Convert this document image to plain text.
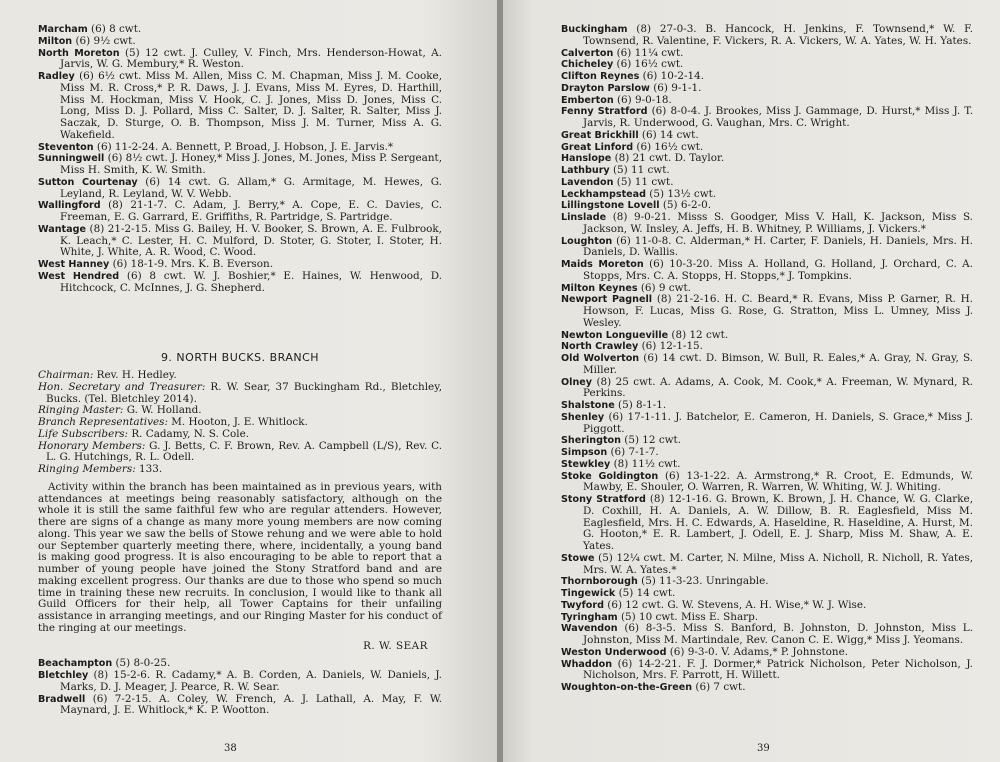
Marcham (6) 8 cwt.

Milton (6) 9½ cwt.

North Moreton (5) 12 cwt. J. Culley, V. Finch, Mrs. Henderson-Howat, A. Jarvis, W. G. Membury,* R. Weston.

Radley (6) 6½ cwt. Miss M. Allen, Miss C. M. Chapman, Miss J. M. Cooke, Miss M. R. Cross,* P. R. Daws, J. J. Evans, Miss M. Eyres, D. Harthill, Miss M. Hockman, Miss V. Hook, C. J. Jones, Miss D. Jones, Miss C. Long, Miss D. J. Pollard, Miss C. Salter, D. J. Salter, R. Salter, Miss J. Saczak, D. Sturge, O. B. Thompson, Miss J. M. Turner, Miss A. G. Wakefield.

Steventon (6) 11-2-24. A. Bennett, P. Broad, J. Hobson, J. E. Jarvis.*

Sunningwell (6) 8½ cwt. J. Honey,* Miss J. Jones, M. Jones, Miss P. Sergeant, Miss H. Smith, K. W. Smith.

Sutton Courtenay (6) 14 cwt. G. Allam,* G. Armitage, M. Hewes, G. Leyland, R. Leyland, W. V. Webb.

Wallingford (8) 21-1-7. C. Adam, J. Berry,* A. Cope, E. C. Davies, C. Freeman, E. G. Garrard, E. Griffiths, R. Partridge, S. Partridge.

Wantage (8) 21-2-15. Miss G. Bailey, H. V. Booker, S. Brown, A. E. Fulbrook, K. Leach,* C. Lester, H. C. Mulford, D. Stoter, G. Stoter, I. Stoter, H. White, J. White, A. R. Wood, C. Wood.

West Hanney (6) 18-1-9. Mrs. K. B. Everson.

West Hendred (6) 8 cwt. W. J. Boshier,* E. Haines, W. Henwood, D. Hitchcock, C. McInnes, J. G. Shepherd.

9. NORTH BUCKS. BRANCH

Chairman: Rev. H. Hedley.

Hon. Secretary and Treasurer: R. W. Sear, 37 Buckingham Rd., Bletchley, Bucks. (Tel. Bletchley 2014).

Ringing Master: G. W. Holland.

Branch Representatives: M. Hooton, J. E. Whitlock.

Life Subscribers: R. Cadamy, N. S. Cole.

Honorary Members: G. J. Betts, C. F. Brown, Rev. A. Campbell (L/S), Rev. C. L. G. Hutchings, R. L. Odell.

Ringing Members: 133.

Activity within the branch has been maintained as in previous years, with attendances at meetings being reasonably satisfactory, although on the whole it is still the same faithful few who are regular attenders. However, there are signs of a change as many more young members are now coming along. This year we saw the bells of Stowe rehung and we were able to hold our September quarterly meeting there, where, incidentally, a young band is making good progress. It is also encouraging to be able to report that a number of young people have joined the Stony Stratford band and are making excellent progress. Our thanks are due to those who spend so much time in training these new recruits. In conclusion, I would like to thank all Guild Officers for their help, all Tower Captains for their unfailing assistance in arranging meetings, and our Ringing Master for his conduct of the ringing at our meetings.

R. W. SEAR

Beachampton (5) 8-0-25.

Bletchley (8) 15-2-6. R. Cadamy,* A. B. Corden, A. Daniels, W. Daniels, J. Marks, D. J. Meager, J. Pearce, R. W. Sear.

Bradwell (6) 7-2-15. A. Coley, W. French, A. J. Lathall, A. May, F. W. Maynard, J. E. Whitlock,* K. P. Wootton.

38

Buckingham (8) 27-0-3. B. Hancock, H. Jenkins, F. Townsend,* W. F. Townsend, R. Valentine, F. Vickers, R. A. Vickers, W. A. Yates, W. H. Yates.

Calverton (6) 11¼ cwt.

Chicheley (6) 16½ cwt.

Clifton Reynes (6) 10-2-14.

Drayton Parslow (6) 9-1-1.

Emberton (6) 9-0-18.

Fenny Stratford (6) 8-0-4. J. Brookes, Miss J. Gammage, D. Hurst,* Miss J. T. Jarvis, R. Underwood, G. Vaughan, Mrs. C. Wright.

Great Brickhill (6) 14 cwt.

Great Linford (6) 16½ cwt.

Hanslope (8) 21 cwt. D. Taylor.

Lathbury (5) 11 cwt.

Lavendon (5) 11 cwt.

Leckhampstead (5) 13½ cwt.

Lillingstone Lovell (5) 6-2-0.

Linslade (8) 9-0-21. Misss S. Goodger, Miss V. Hall, K. Jackson, Miss S. Jackson, W. Insley, A. Jeffs, H. B. Whitney, P. Williams, J. Vickers.*

Loughton (6) 11-0-8. C. Alderman,* H. Carter, F. Daniels, H. Daniels, Mrs. H. Daniels, D. Wallis.

Maids Moreton (6) 10-3-20. Miss A. Holland, G. Holland, J. Orchard, C. A. Stopps, Mrs. C. A. Stopps, H. Stopps,* J. Tompkins.

Milton Keynes (6) 9 cwt.

Newport Pagnell (8) 21-2-16. H. C. Beard,* R. Evans, Miss P. Garner, R. H. Howson, F. Lucas, Miss G. Rose, G. Stratton, Miss L. Umney, Miss J. Wesley.

Newton Longueville (8) 12 cwt.

North Crawley (6) 12-1-15.

Old Wolverton (6) 14 cwt. D. Bimson, W. Bull, R. Eales,* A. Gray, N. Gray, S. Miller.

Olney (8) 25 cwt. A. Adams, A. Cook, M. Cook,* A. Freeman, W. Mynard, R. Perkins.

Shalstone (5) 8-1-1.

Shenley (6) 17-1-11. J. Batchelor, E. Cameron, H. Daniels, S. Grace,* Miss J. Piggott.

Sherington (5) 12 cwt.

Simpson (6) 7-1-7.

Stewkley (8) 11½ cwt.

Stoke Goldington (6) 13-1-22. A. Armstrong,* R. Croot, E. Edmunds, W. Mawby, E. Shouler, O. Warren, R. Warren, W. Whiting, W. J. Whiting.

Stony Stratford (8) 12-1-16. G. Brown, K. Brown, J. H. Chance, W. G. Clarke, D. Coxhill, H. A. Daniels, A. W. Dillow, B. R. Eaglesfield, Miss M. Eaglesfield, Mrs. H. C. Edwards, A. Haseldine, R. Haseldine, A. Hurst, M. G. Hooton,* E. R. Lambert, J. Odell, E. J. Sharp, Miss M. Shaw, A. E. Yates.

Stowe (5) 12¼ cwt. M. Carter, N. Milne, Miss A. Nicholl, R. Nicholl, R. Yates, Mrs. W. A. Yates.*

Thornborough (5) 11-3-23. Unringable.

Tingewick (5) 14 cwt.

Twyford (6) 12 cwt. G. W. Stevens, A. H. Wise,* W. J. Wise.

Tyringham (5) 10 cwt. Miss E. Sharp.

Wavendon (6) 8-3-5. Miss S. Banford, B. Johnston, D. Johnston, Miss L. Johnston, Miss M. Martindale, Rev. Canon C. E. Wigg,* Miss J. Yeomans.

Weston Underwood (6) 9-3-0. V. Adams,* P. Johnstone.

Whaddon (6) 14-2-21. F. J. Dormer,* Patrick Nicholson, Peter Nicholson, J. Nicholson, Mrs. F. Parrott, H. Willett.

Woughton-on-the-Green (6) 7 cwt.

39
